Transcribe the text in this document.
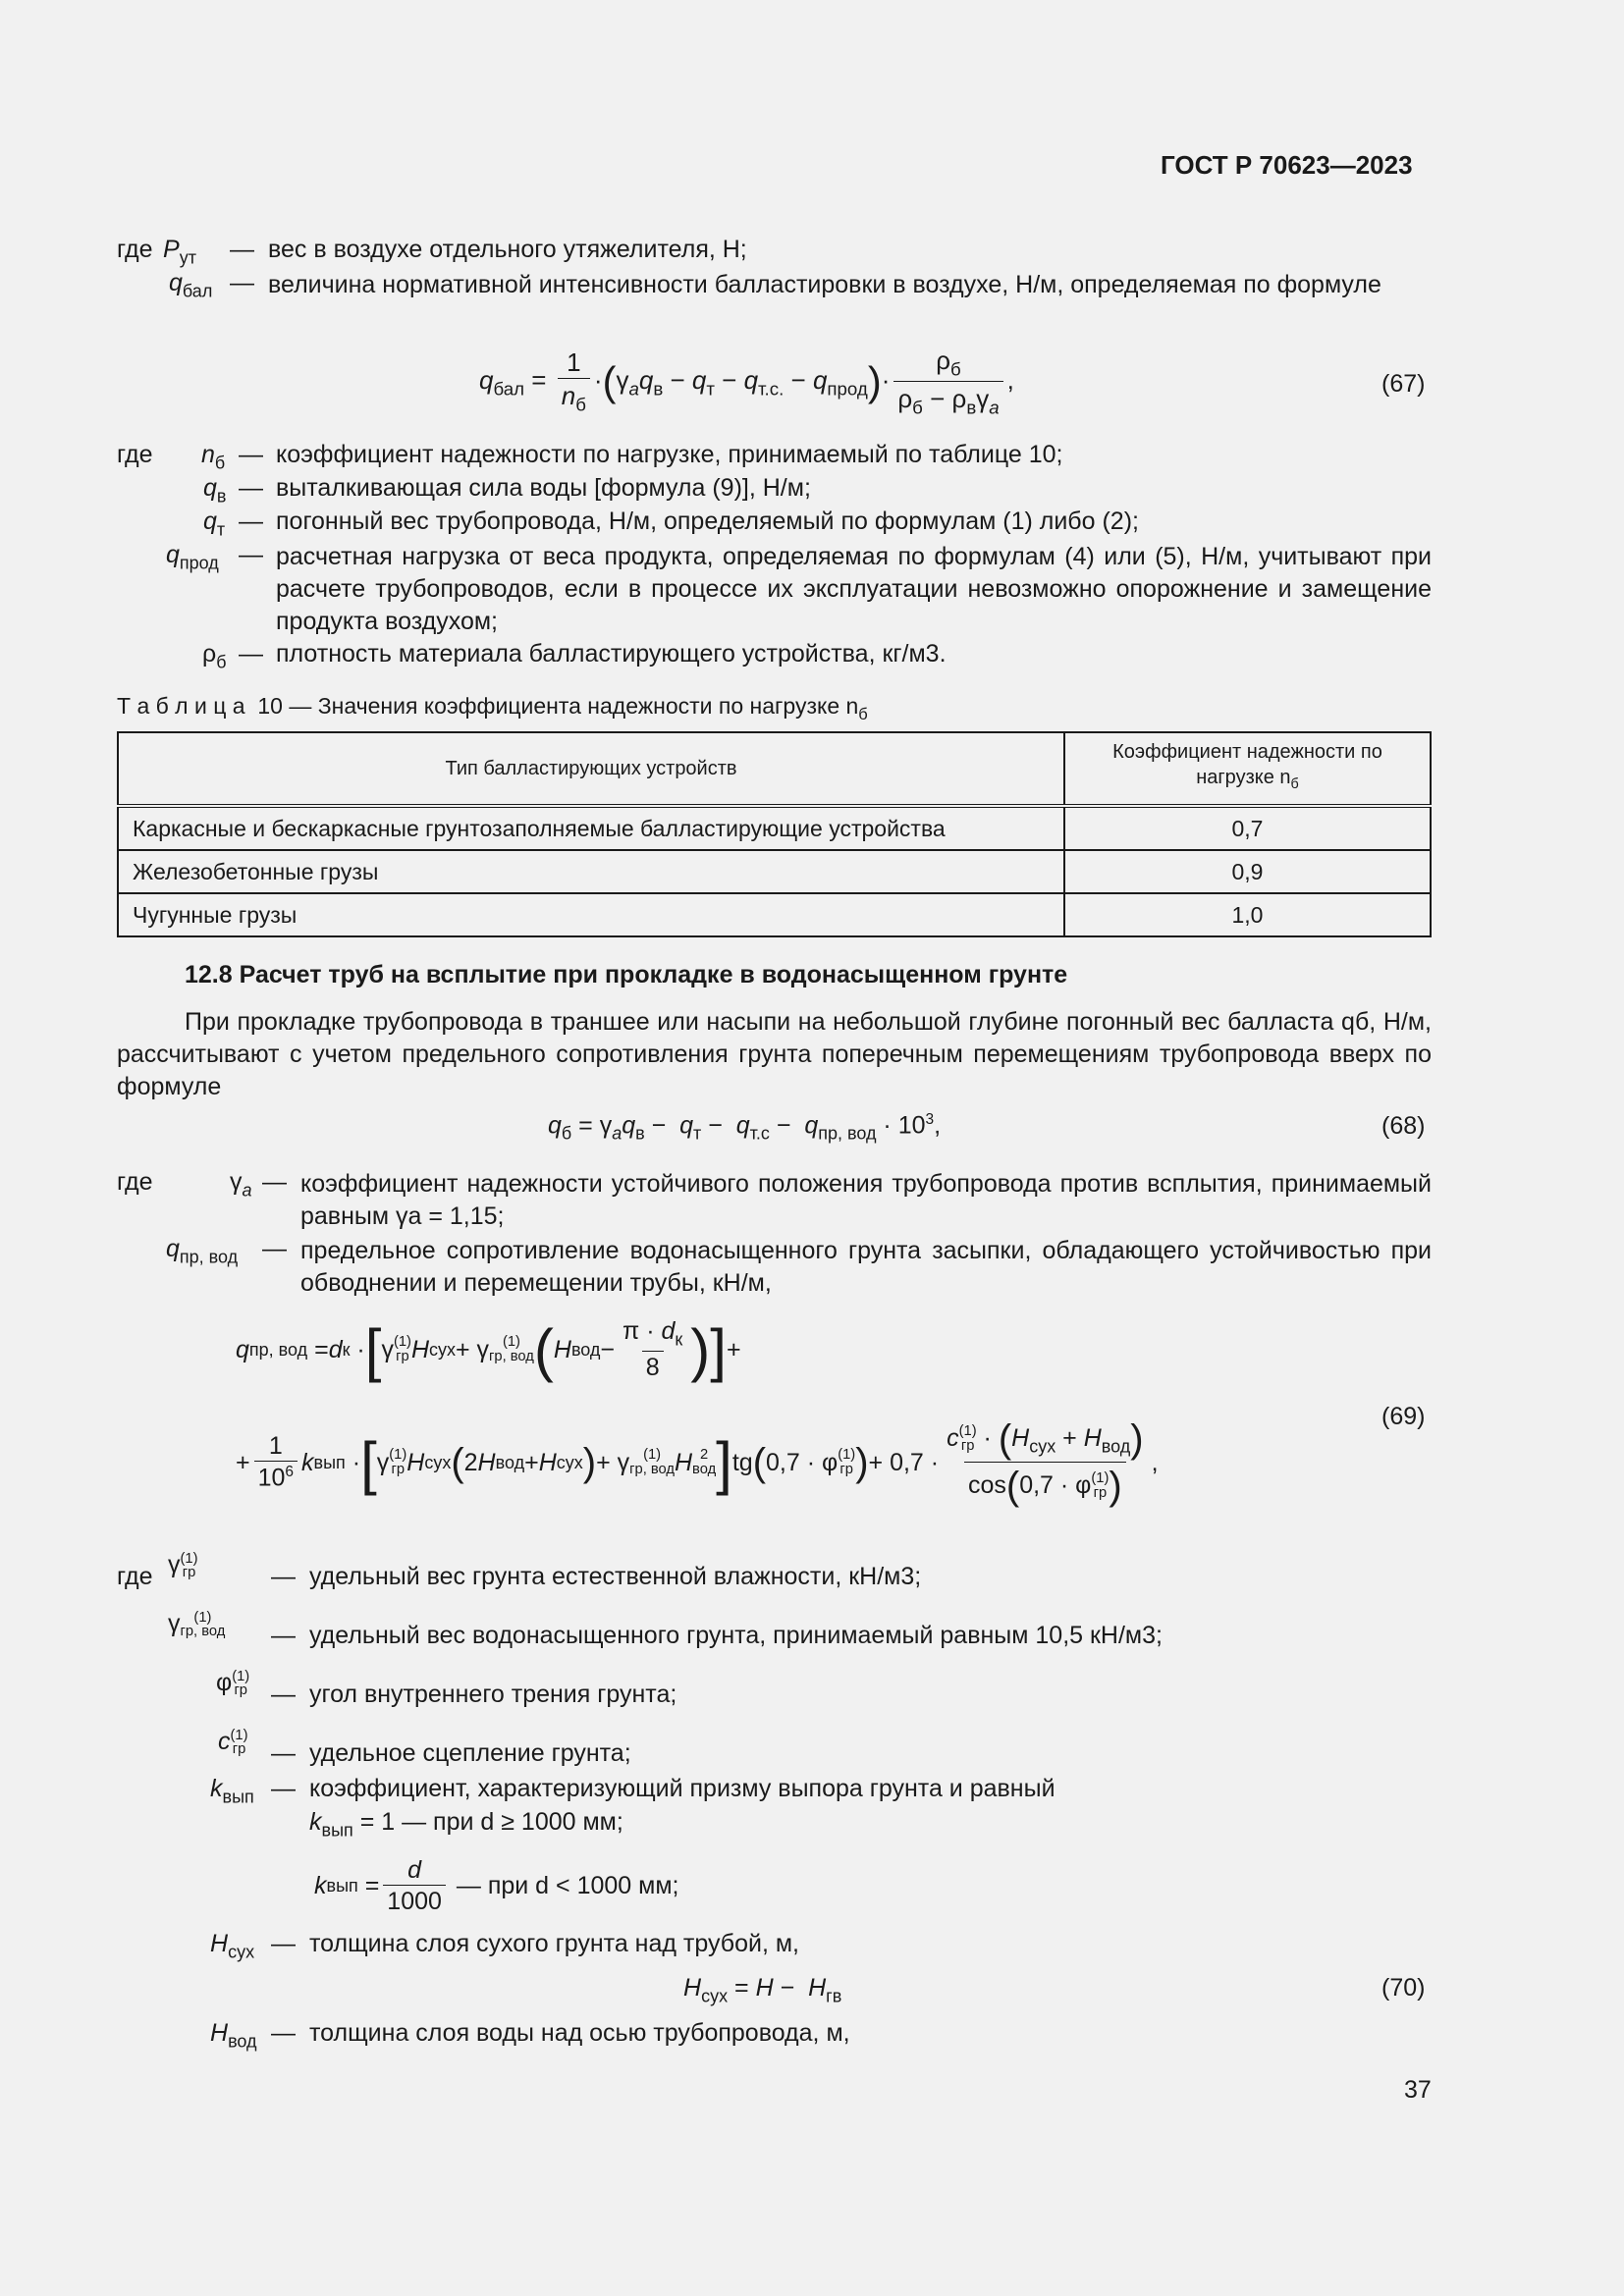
ГОСТ Р 70623—2023
где $P_{ут}$ — вес в воздухе отдельного утяжелителя, Н;
$q_{бал}$ — величина нормативной интенсивности балластировки в воздухе, Н/м, определяемая по формуле
$q_{бал}$ =
1
$n_б$
$\cdot(\gamma_aq_в - q_т - q_{т.с.} - q_{прод})\cdot$
$\rho_б$
$\rho_б - \rho_в\gamma_a$
,	(67)
где $n_б$ — коэффициент надежности по нагрузке, принимаемый по таблице 10;
$q_в$ — выталкивающая сила воды [формула (9)], Н/м;
$q_т$ — погонный вес трубопровода, Н/м, определяемый по формулам (1) либо (2);
$q_{прод}$ — расчетная нагрузка от веса продукта, определяемая по формулам (4) или (5), Н/м, учитывают при расчете трубопроводов, если в процессе их эксплуатации невозможно опорожнение и замещение продукта воздухом;
$\rho_б$ — плотность материала балластирующего устройства, кг/м3.
Т а б л и ц а 10 — Значения коэффициента надежности по нагрузке $n_б$
Тип балластирующих устройств	Коэффициент надежности по нагрузке $n_б$
Каркасные и бескаркасные грунтозаполняемые балластирующие устройства	0,7
Железобетонные грузы	0,9
Чугунные грузы	1,0
12.8 Расчет труб на всплытие при прокладке в водонасыщенном грунте
При прокладке трубопровода в траншее или насыпи на небольшой глубине погонный вес балласта qб, Н/м, рассчитывают с учетом предельного сопротивления грунта поперечным перемещениям трубопровода вверх по формуле
$q_б = \gamma_aq_в - q_т - q_{т.с} - q_{пр, вод} \cdot 10^3$,	(68)
где	$\gamma_a$ — коэффициент надежности устойчивого положения трубопровода против всплытия, принимаемый равным γa = 1,15;
$q_{пр, вод}$ — предельное сопротивление водонасыщенного грунта засыпки, обладающего устойчивостью при обводнении и перемещении трубы, кН/м,
q пр, вод = d к · [ γ (1)
гр H сух + γ (1)
гр, вод ( H вод −
$\pi \cdot d_к$
8 ) ] +
+
1
$10^6$ k вып · [ γ (1)
гр H сух ( 2 H вод + H сух ) + γ (1)
гр, вод H 2
вод ] tg ( 0,7 · φ (1)
гр ) + 0,7 ·
c (1)
гр · $(H_{сух} + H_{вод})$
cos(0,7 · φ (1)
гр )
,
(69)
где γ (1)
гр	— удельный вес грунта естественной влажности, кН/м3;
γ (1)
гр, вод — удельный вес водонасыщенного грунта, принимаемый равным 10,5 кН/м3;
φ (1)
гр — угол внутреннего трения грунта;
c (1)
гр — удельное сцепление грунта;
$k_{вып}$ — коэффициент, характеризующий призму выпора грунта и равный
$k_{вып} = 1$ — при d ≥ 1000 мм;
k вып =
d
1000

— при d < 1000 мм;
$H_{сух}$ — толщина слоя сухого грунта над трубой, м,
$H_{сух} = H - H_{гв}$	(70)
$H_{вод}$ — толщина слоя воды над осью трубопровода, м,
37
